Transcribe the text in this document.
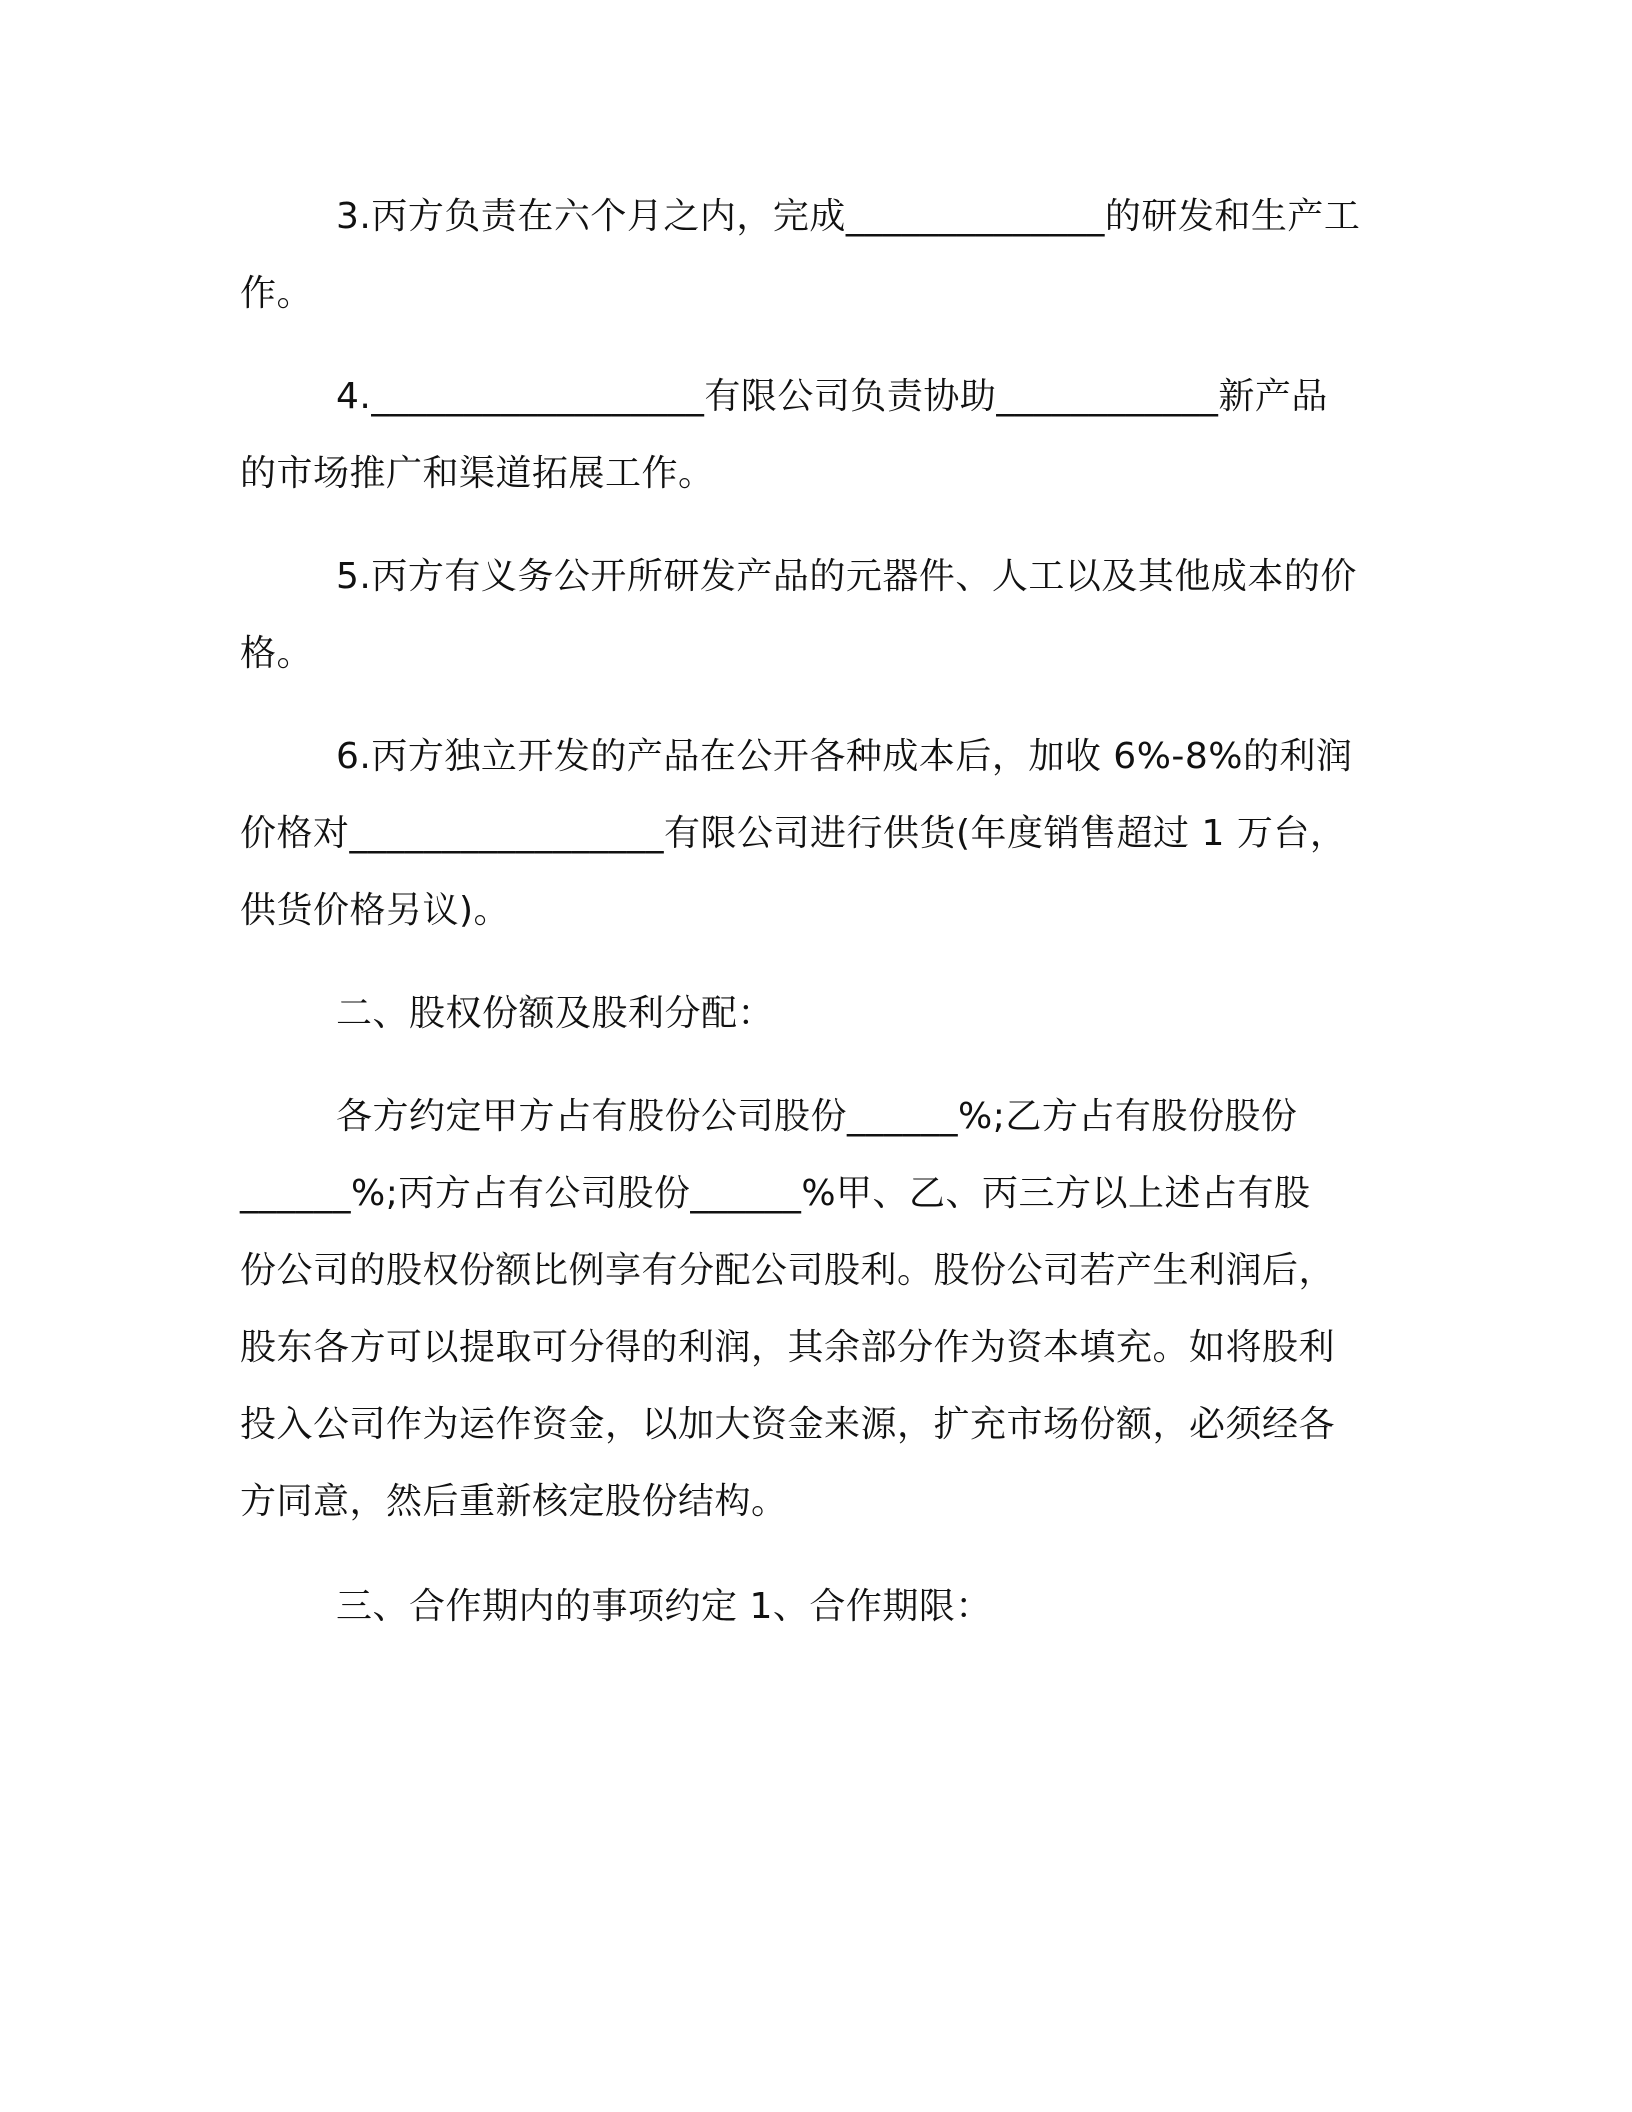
3.丙方负责在六个月之内，完成______________的研发和生产工
作。
4.__________________有限公司负责协助____________新产品
的市场推广和渠道拓展工作。
5.丙方有义务公开所研发产品的元器件、人工以及其他成本的价
格。
6.丙方独立开发的产品在公开各种成本后，加收 6%-8%的利润
价格对_________________有限公司进行供货(年度销售超过 1 万台，
供货价格另议)。
二、股权份额及股利分配：
各方约定甲方占有股份公司股份______%;乙方占有股份股份
______%;丙方占有公司股份______%甲、乙、丙三方以上述占有股
份公司的股权份额比例享有分配公司股利。股份公司若产生利润后，
股东各方可以提取可分得的利润，其余部分作为资本填充。如将股利
投入公司作为运作资金，以加大资金来源，扩充市场份额，必须经各
方同意，然后重新核定股份结构。
三、合作期内的事项约定 1、合作期限：
